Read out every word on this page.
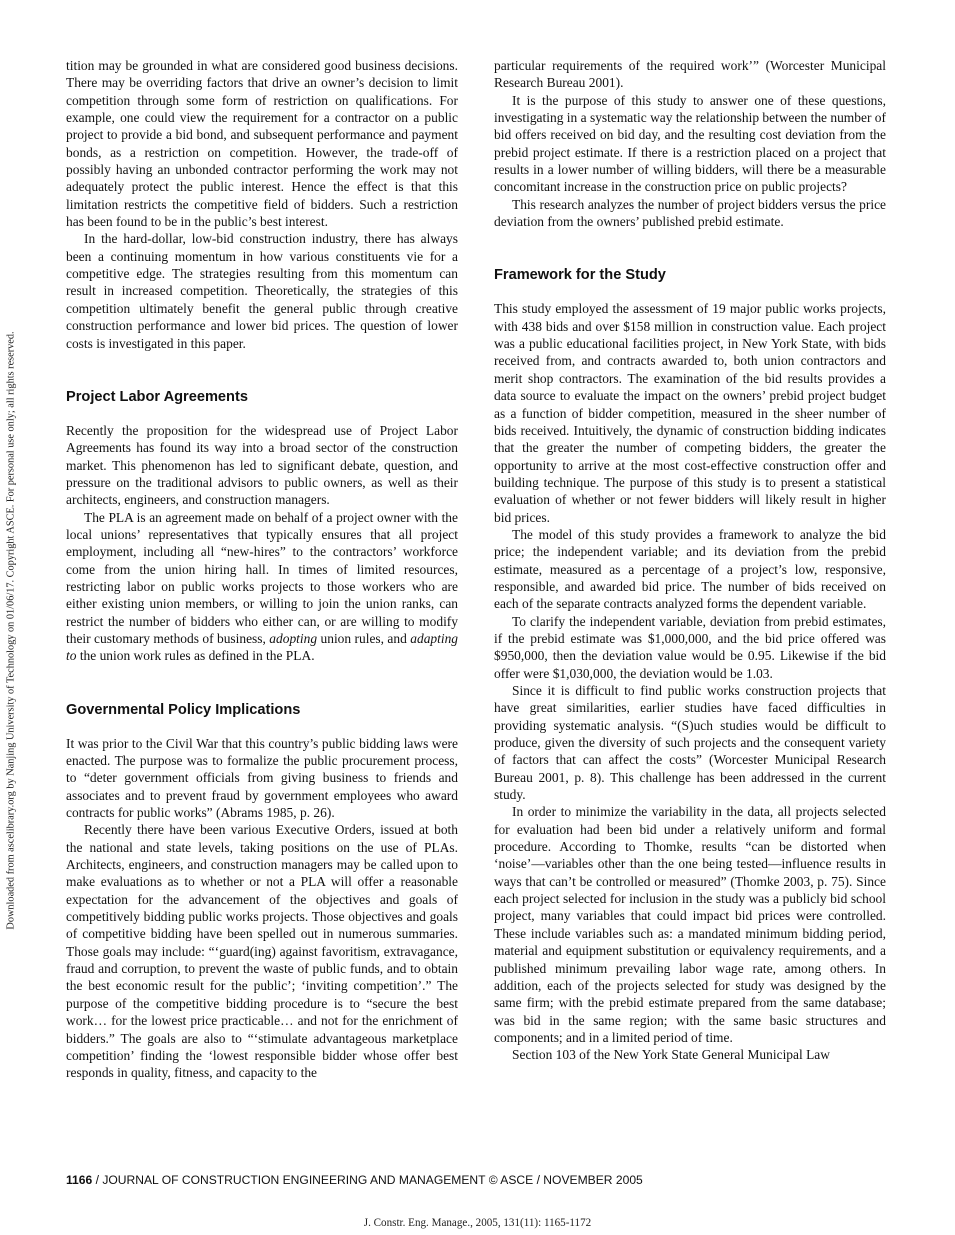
Downloaded from ascelibrary.org by Nanjing University of Technology on 01/06/17. Copyright ASCE. For personal use only; all rights reserved.

tition may be grounded in what are considered good business decisions. There may be overriding factors that drive an owner’s decision to limit competition through some form of restriction on qualifications. For example, one could view the requirement for a contractor on a public project to provide a bid bond, and subsequent performance and payment bonds, as a restriction on competition. However, the trade-off of possibly having an unbonded contractor performing the work may not adequately protect the public interest. Hence the effect is that this limitation restricts the competitive field of bidders. Such a restriction has been found to be in the public’s best interest.

In the hard-dollar, low-bid construction industry, there has always been a continuing momentum in how various constituents vie for a competitive edge. The strategies resulting from this momentum can result in increased competition. Theoretically, the strategies of this competition ultimately benefit the general public through creative construction performance and lower bid prices. The question of lower costs is investigated in this paper.

Project Labor Agreements

Recently the proposition for the widespread use of Project Labor Agreements has found its way into a broad sector of the construction market. This phenomenon has led to significant debate, question, and pressure on the traditional advisors to public owners, as well as their architects, engineers, and construction managers.

The PLA is an agreement made on behalf of a project owner with the local unions’ representatives that typically ensures that all project employment, including all “new-hires” to the contractors’ workforce come from the union hiring hall. In times of limited resources, restricting labor on public works projects to those workers who are either existing union members, or willing to join the union ranks, can restrict the number of bidders who either can, or are willing to modify their customary methods of business, adopting union rules, and adapting to the union work rules as defined in the PLA.

Governmental Policy Implications

It was prior to the Civil War that this country’s public bidding laws were enacted. The purpose was to formalize the public procurement process, to “deter government officials from giving business to friends and associates and to prevent fraud by government employees who award contracts for public works” (Abrams 1985, p. 26).

Recently there have been various Executive Orders, issued at both the national and state levels, taking positions on the use of PLAs. Architects, engineers, and construction managers may be called upon to make evaluations as to whether or not a PLA will offer a reasonable expectation for the advancement of the objectives and goals of competitively bidding public works projects. Those objectives and goals of competitive bidding have been spelled out in numerous summaries. Those goals may include: “‘guard(ing) against favoritism, extravagance, fraud and corruption, to prevent the waste of public funds, and to obtain the best economic result for the public’; ‘inviting competition’.” The purpose of the competitive bidding procedure is to “secure the best work… for the lowest price practicable… and not for the enrichment of bidders.” The goals are also to “‘stimulate advantageous marketplace competition’ finding the ‘lowest responsible bidder whose offer best responds in quality, fitness, and capacity to the

particular requirements of the required work’” (Worcester Municipal Research Bureau 2001).

It is the purpose of this study to answer one of these questions, investigating in a systematic way the relationship between the number of bid offers received on bid day, and the resulting cost deviation from the prebid project estimate. If there is a restriction placed on a project that results in a lower number of willing bidders, will there be a measurable concomitant increase in the construction price on public projects?

This research analyzes the number of project bidders versus the price deviation from the owners’ published prebid estimate.

Framework for the Study

This study employed the assessment of 19 major public works projects, with 438 bids and over $158 million in construction value. Each project was a public educational facilities project, in New York State, with bids received from, and contracts awarded to, both union contractors and merit shop contractors. The examination of the bid results provides a data source to evaluate the impact on the owners’ prebid project budget as a function of bidder competition, measured in the sheer number of bids received. Intuitively, the dynamic of construction bidding indicates that the greater the number of competing bidders, the greater the opportunity to arrive at the most cost-effective construction offer and building technique. The purpose of this study is to present a statistical evaluation of whether or not fewer bidders will likely result in higher bid prices.

The model of this study provides a framework to analyze the bid price; the independent variable; and its deviation from the prebid estimate, measured as a percentage of a project’s low, responsive, responsible, and awarded bid price. The number of bids received on each of the separate contracts analyzed forms the dependent variable.

To clarify the independent variable, deviation from prebid estimates, if the prebid estimate was $1,000,000, and the bid price offered was $950,000, then the deviation value would be 0.95. Likewise if the bid offer were $1,030,000, the deviation would be 1.03.

Since it is difficult to find public works construction projects that have great similarities, earlier studies have faced difficulties in providing systematic analysis. “(S)uch studies would be difficult to produce, given the diversity of such projects and the consequent variety of factors that can affect the costs” (Worcester Municipal Research Bureau 2001, p. 8). This challenge has been addressed in the current study.

In order to minimize the variability in the data, all projects selected for evaluation had been bid under a relatively uniform and formal procedure. According to Thomke, results “can be distorted when ‘noise’—variables other than the one being tested—influence results in ways that can’t be controlled or measured” (Thomke 2003, p. 75). Since each project selected for inclusion in the study was a publicly bid school project, many variables that could impact bid prices were controlled. These include variables such as: a mandated minimum bidding period, material and equipment substitution or equivalency requirements, and a published minimum prevailing labor wage rate, among others. In addition, each of the projects selected for study was designed by the same firm; with the prebid estimate prepared from the same database; was bid in the same region; with the same basic structures and components; and in a limited period of time.

Section 103 of the New York State General Municipal Law

1166 / JOURNAL OF CONSTRUCTION ENGINEERING AND MANAGEMENT © ASCE / NOVEMBER 2005
J. Constr. Eng. Manage., 2005, 131(11): 1165-1172
